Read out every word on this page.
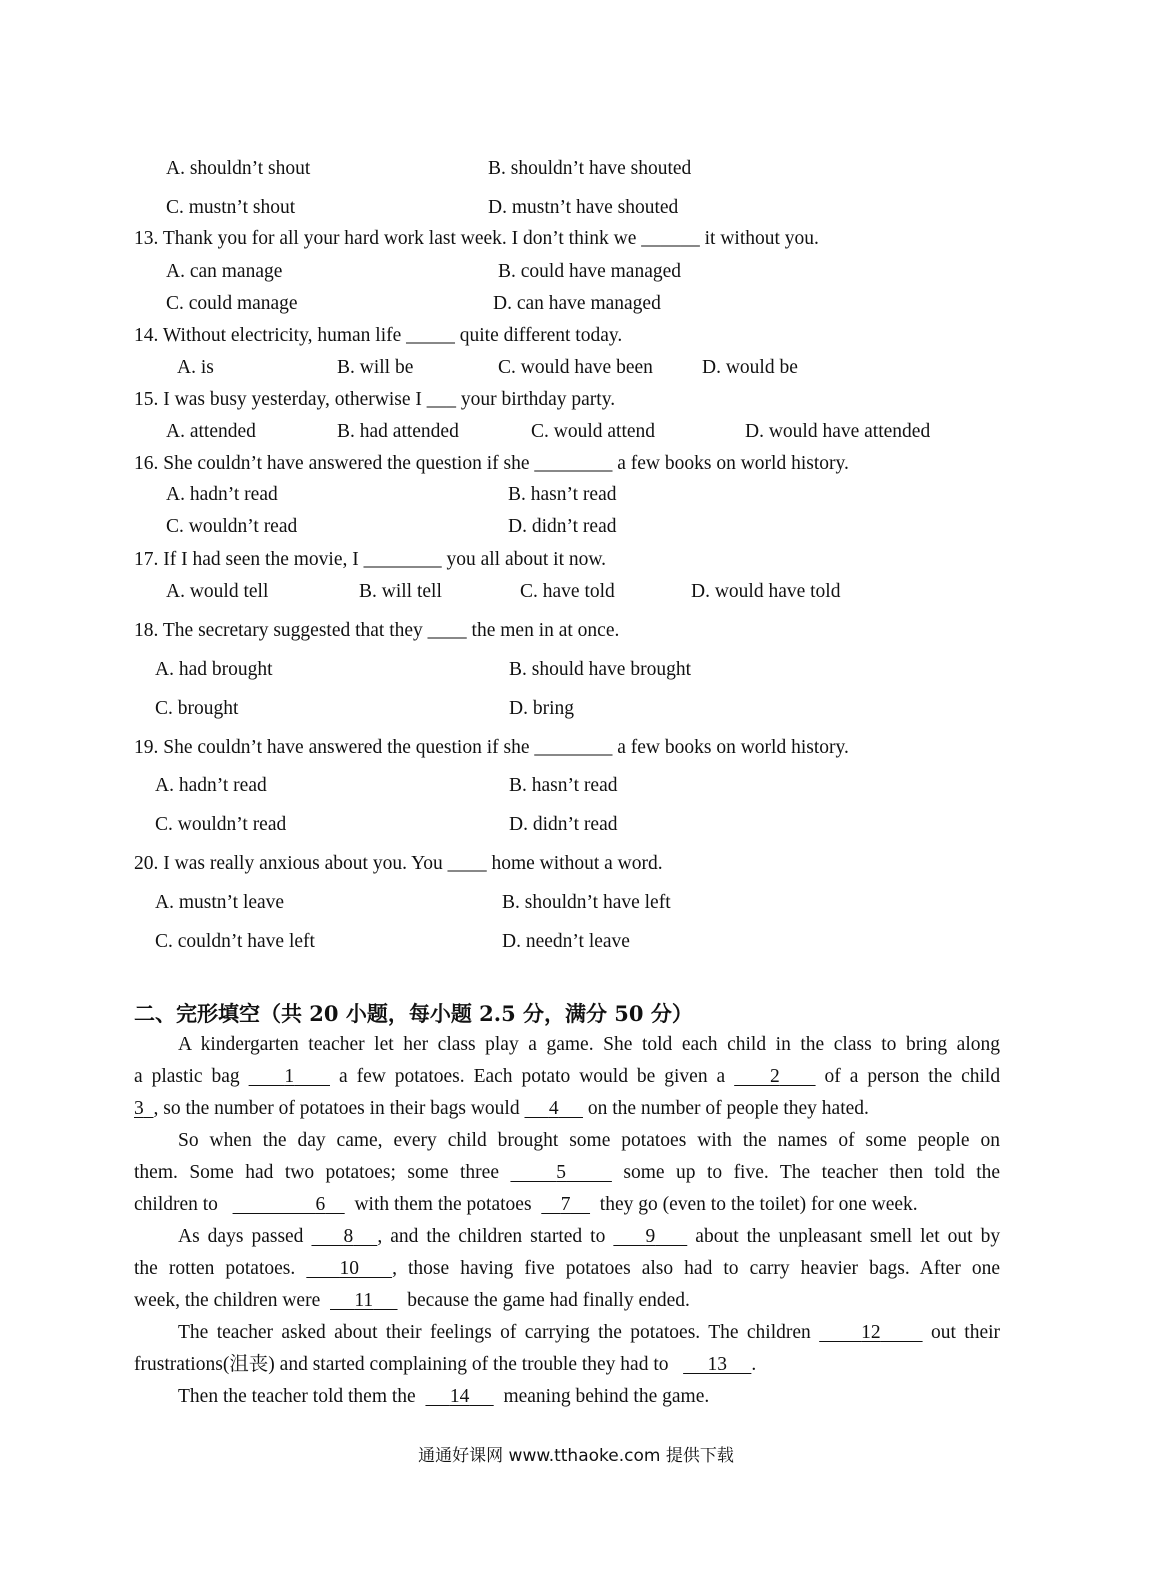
A. shouldn’t shout	B. shouldn’t have shouted
C. mustn’t shout	D. mustn’t have shouted
13. Thank you for all your hard work last week. I don’t think we ______ it without you.
A. can manage	B. could have managed
C. could manage	D. can have managed
14. Without electricity, human life _____ quite different today.
A. is	B. will be	C. would have been	D. would be
15. I was busy yesterday, otherwise I ___ your birthday party.
A. attended	B. had attended	C. would attend	D. would have attended
16. She couldn’t have answered the question if she ________ a few books on world history.
A. hadn’t read	B. hasn’t read
C. wouldn’t read	D. didn’t read
17. If I had seen the movie, I ________ you all about it now.
A. would tell	B. will tell	C. have told	D. would have told
18. The secretary suggested that they ____ the men in at once.
A. had brought	B. should have brought
C. brought	D. bring
19. She couldn’t have answered the question if she ________ a few books on world history.
A. hadn’t read	B. hasn’t read
C. wouldn’t read	D. didn’t read
20. I was really anxious about you. You ____ home without a word.
A. mustn’t leave	B. shouldn’t have left
C. couldn’t have left	D. needn’t leave
二、完形填空（共 20 小题，每小题 2.5 分，满分 50 分）
A kindergarten teacher let her class play a game. She told each child in the class to bring along
a plastic bag 1 a few potatoes. Each potato would be given a 2 of a person the child
3 , so the number of potatoes in their bags would 4 on the number of people they hated.
So when the day came, every child brought some potatoes with the names of some people on
them. Some had two potatoes; some three	5	some up to five. The teacher then told the
children to	6 with them the potatoes 7 they go (even to the toilet) for one week.
As days passed 8 , and the children started to 9 about the unpleasant smell let out by
the rotten potatoes. 10 , those having five potatoes also had to carry heavier bags. After one
week, the children were 11 because the game had finally ended.
The teacher asked about their feelings of carrying the potatoes. The children	12	out their
frustrations(沮丧) and started complaining of the trouble they had to 13 .
Then the teacher told them the 14 meaning behind the game.
通通好课网 www.tthaoke.com 提供下载
